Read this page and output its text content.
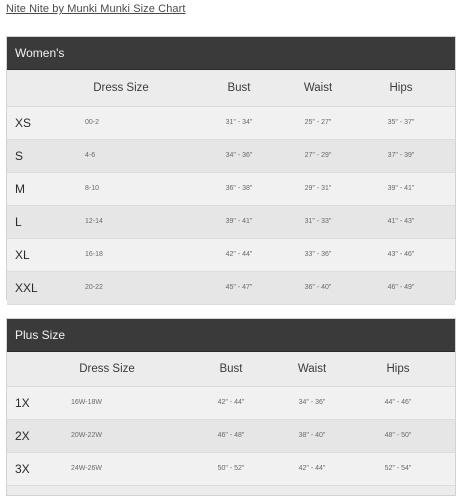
Nite Nite by Munki Munki Size Chart
Women's
Dress Size	Bust	Waist	Hips
XS	00-2	31" - 34"	25" - 27"	35" - 37"
S	4-6	34" - 36"	27" - 29"	37" - 39"
M	8-10	36" - 38"	29" - 31"	39" - 41"
L	12-14	39" - 41"	31" - 33"	41" - 43"
XL	16-18	42" - 44"	33" - 36"	43" - 46"
XXL	20-22	45" - 47"	36" - 40"	46" - 49"
Plus Size
Dress Size	Bust	Waist	Hips
1X	16W-18W	42" - 44"	34" - 36"	44" - 46"
2X	20W-22W	46" - 48"	38" - 40"	48" - 50"
3X	24W-26W	50" - 52"	42" - 44"	52" - 54"
